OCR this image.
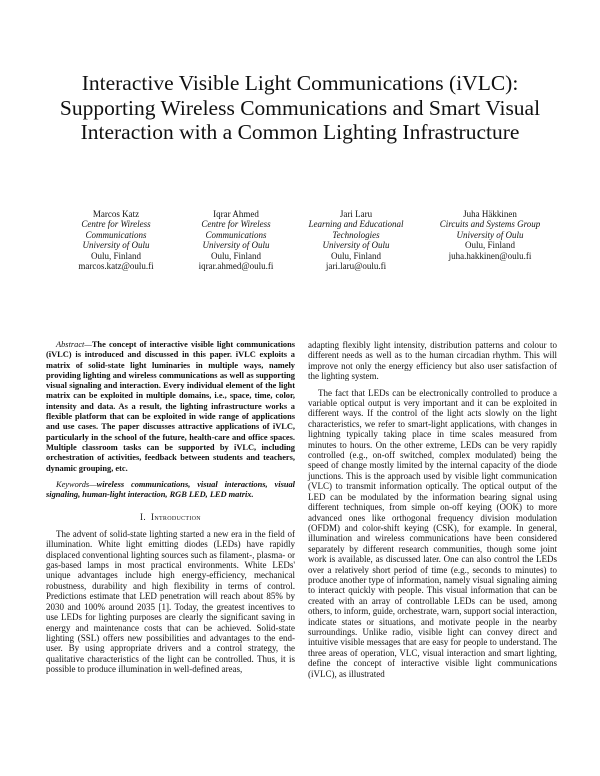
Interactive Visible Light Communications (iVLC): Supporting Wireless Communications and Smart Visual Interaction with a Common Lighting Infrastructure
Marcos Katz
Centre for Wireless
Communications
University of Oulu
Oulu, Finland
marcos.katz@oulu.fi
Iqrar Ahmed
Centre for Wireless
Communications
University of Oulu
Oulu, Finland
iqrar.ahmed@oulu.fi
Jari Laru
Learning and Educational
Technologies
University of Oulu
Oulu, Finland
jari.laru@oulu.fi
Juha Häkkinen
Circuits and Systems Group
University of Oulu
Oulu, Finland
juha.hakkinen@oulu.fi

Abstract—The concept of interactive visible light communications (iVLC) is introduced and discussed in this paper. iVLC exploits a matrix of solid-state light luminaries in multiple ways, namely providing lighting and wireless communications as well as supporting visual signaling and interaction. Every individual element of the light matrix can be exploited in multiple domains, i.e., space, time, color, intensity and data. As a result, the lighting infrastructure works a flexible platform that can be exploited in wide range of applications and use cases. The paper discusses attractive applications of iVLC, particularly in the school of the future, health-care and office spaces. Multiple classroom tasks can be supported by iVLC, including orchestration of activities, feedback between students and teachers, dynamic grouping, etc.

Keywords—wireless communications, visual interactions, visual signaling, human-light interaction, RGB LED, LED matrix.

I. Introduction

The advent of solid-state lighting started a new era in the field of illumination. White light emitting diodes (LEDs) have rapidly displaced conventional lighting sources such as filament-, plasma- or gas-based lamps in most practical environments. White LEDs' unique advantages include high energy-efficiency, mechanical robustness, durability and high flexibility in terms of control. Predictions estimate that LED penetration will reach about 85% by 2030 and 100% around 2035 [1]. Today, the greatest incentives to use LEDs for lighting purposes are clearly the significant saving in energy and maintenance costs that can be achieved. Solid-state lighting (SSL) offers new possibilities and advantages to the end-user. By using appropriate drivers and a control strategy, the qualitative characteristics of the light can be controlled. Thus, it is possible to produce illumination in well-defined areas,

adapting flexibly light intensity, distribution patterns and colour to different needs as well as to the human circadian rhythm. This will improve not only the energy efficiency but also user satisfaction of the lighting system.

The fact that LEDs can be electronically controlled to produce a variable optical output is very important and it can be exploited in different ways. If the control of the light acts slowly on the light characteristics, we refer to smart-light applications, with changes in lightning typically taking place in time scales measured from minutes to hours. On the other extreme, LEDs can be very rapidly controlled (e.g., on-off switched, complex modulated) being the speed of change mostly limited by the internal capacity of the diode junctions. This is the approach used by visible light communication (VLC) to transmit information optically. The optical output of the LED can be modulated by the information bearing signal using different techniques, from simple on-off keying (OOK) to more advanced ones like orthogonal frequency division modulation (OFDM) and color-shift keying (CSK), for example. In general, illumination and wireless communications have been considered separately by different research communities, though some joint work is available, as discussed later. One can also control the LEDs over a relatively short period of time (e.g., seconds to minutes) to produce another type of information, namely visual signaling aiming to interact quickly with people. This visual information that can be created with an array of controllable LEDs can be used, among others, to inform, guide, orchestrate, warn, support social interaction, indicate states or situations, and motivate people in the nearby surroundings. Unlike radio, visible light can convey direct and intuitive visible messages that are easy for people to understand. The three areas of operation, VLC, visual interaction and smart lighting, define the concept of interactive visible light communications (iVLC), as illustrated
